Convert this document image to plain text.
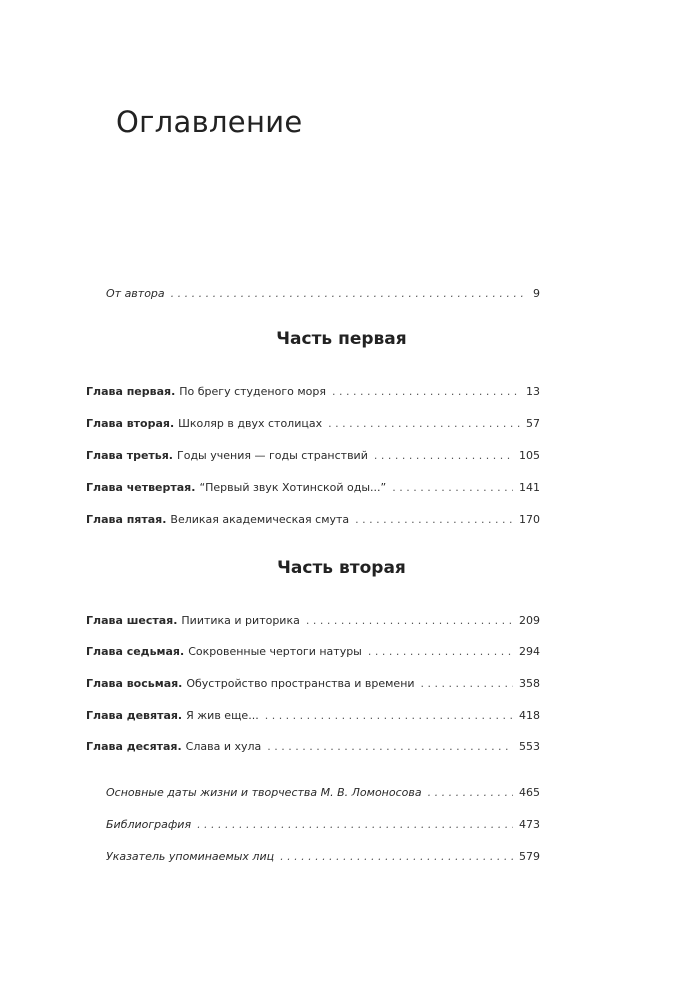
Оглавление
От автора . . .	9
Часть первая
Глава первая. По брегу студеного моря . . .	13
Глава вторая. Школяр в двух столицах . . .	57
Глава третья. Годы учения — годы странствий . . .	105
Глава четвертая. “Первый звук Хотинской оды...” . . .	141
Глава пятая. Великая академическая смута . . .	170
Часть вторая
Глава шестая. Пиитика и риторика . . .	209
Глава седьмая. Сокровенные чертоги натуры . . .	294
Глава восьмая. Обустройство пространства и времени . . .	358
Глава девятая. Я жив еще... . . .	418
Глава десятая. Слава и хула . . .	553
Основные даты жизни и творчества М. В. Ломоносова . . .	465
Библиография . . .	473
Указатель упоминаемых лиц . . .	579
